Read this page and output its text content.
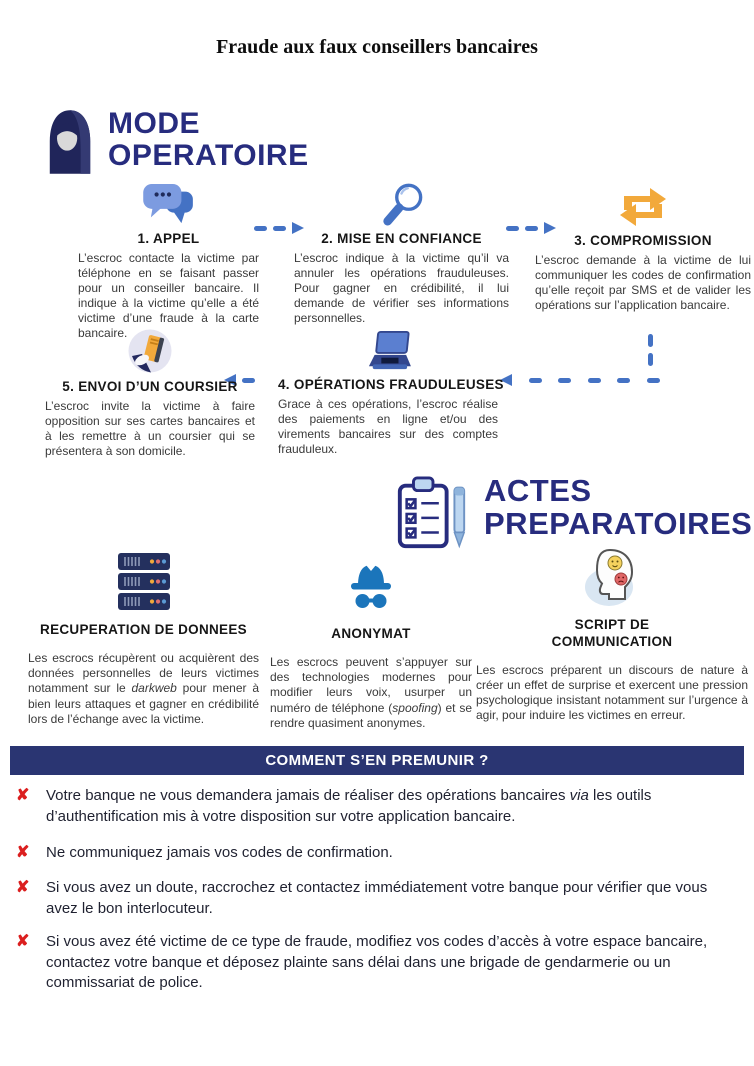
Fraude aux faux conseillers bancaires
MODE
OPERATOIRE
1. APPEL

L’escroc contacte la victime par téléphone en se faisant passer pour un conseiller bancaire. Il indique à la victime qu’elle a été victime d’une fraude à la carte bancaire.

2. MISE EN CONFIANCE

L’escroc indique à la victime qu’il va annuler les opérations frauduleuses. Pour gagner en crédibilité, il lui demande de vérifier ses informations personnelles.

3. COMPROMISSION

L’escroc demande à la victime de lui communiquer les codes de confirmation qu’elle reçoit par SMS et de valider les opérations sur l’application bancaire.

4. OPÉRATIONS FRAUDULEUSES

Grace à ces opérations, l’escroc réalise des paiements en ligne et/ou des virements bancaires sur des comptes frauduleux.

5. ENVOI D’UN COURSIER

L’escroc invite la victime à faire opposition sur ses cartes bancaires et à les remettre à un coursier qui se présentera à son domicile.

ACTES
PREPARATOIRES
RECUPERATION DE DONNEES

Les escrocs récupèrent ou acquièrent des données personnelles de leurs victimes notamment sur le darkweb pour mener à bien leurs attaques et gagner en crédibilité lors de l’échange avec la victime.

ANONYMAT

Les escrocs peuvent s’appuyer sur des technologies modernes pour modifier leurs voix, usurper un numéro de téléphone (spoofing) et se rendre quasiment anonymes.

SCRIPT DE COMMUNICATION

Les escrocs préparent un discours de nature à créer un effet de surprise et exercent une pression psychologique insistant notamment sur l’urgence à agir, pour induire les victimes en erreur.

COMMENT S’EN PREMUNIR ?
✘	Votre banque ne vous demandera jamais de réaliser des opérations bancaires via les outils d’authentification mis à votre disposition sur votre application bancaire.
✘	Ne communiquez jamais vos codes de confirmation.
✘	Si vous avez un doute, raccrochez et contactez immédiatement votre banque pour vérifier que vous avez le bon interlocuteur.
✘	Si vous avez été victime de ce type de fraude, modifiez vos codes d’accès à votre espace bancaire, contactez votre banque et déposez plainte sans délai dans une brigade de gendarmerie ou un commissariat de police.
